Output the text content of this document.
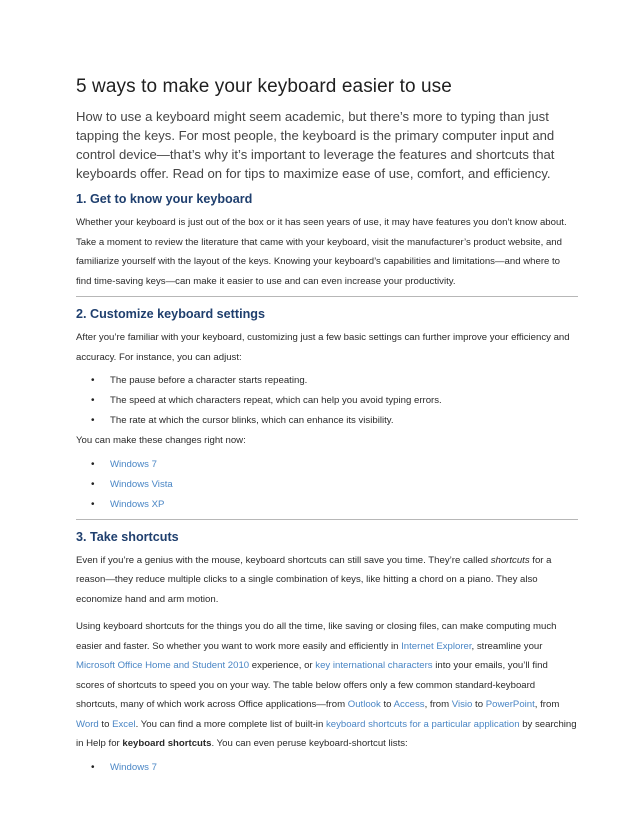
5 ways to make your keyboard easier to use

How to use a keyboard might seem academic, but there’s more to typing than just tapping the keys. For most people, the keyboard is the primary computer input and control device—that’s why it’s important to leverage the features and shortcuts that keyboards offer. Read on for tips to maximize ease of use, comfort, and efficiency.

1. Get to know your keyboard

Whether your keyboard is just out of the box or it has seen years of use, it may have features you don’t know about. Take a moment to review the literature that came with your keyboard, visit the manufacturer’s product website, and familiarize yourself with the layout of the keys. Knowing your keyboard’s capabilities and limitations—and where to find time-saving keys—can make it easier to use and can even increase your productivity.

2. Customize keyboard settings

After you’re familiar with your keyboard, customizing just a few basic settings can further improve your efficiency and accuracy. For instance, you can adjust:

• The pause before a character starts repeating.
• The speed at which characters repeat, which can help you avoid typing errors.
• The rate at which the cursor blinks, which can enhance its visibility.

You can make these changes right now:

• Windows 7
• Windows Vista
• Windows XP
3. Take shortcuts

Even if you’re a genius with the mouse, keyboard shortcuts can still save you time. They’re called shortcuts for a reason—they reduce multiple clicks to a single combination of keys, like hitting a chord on a piano. They also economize hand and arm motion.

Using keyboard shortcuts for the things you do all the time, like saving or closing files, can make computing much easier and faster. So whether you want to work more easily and efficiently in Internet Explorer, streamline your Microsoft Office Home and Student 2010 experience, or key international characters into your emails, you’ll find scores of shortcuts to speed you on your way. The table below offers only a few common standard-keyboard shortcuts, many of which work across Office applications—from Outlook to Access, from Visio to PowerPoint, from Word to Excel. You can find a more complete list of built-in keyboard shortcuts for a particular application by searching in Help for keyboard shortcuts. You can even peruse keyboard-shortcut lists:

• Windows 7
